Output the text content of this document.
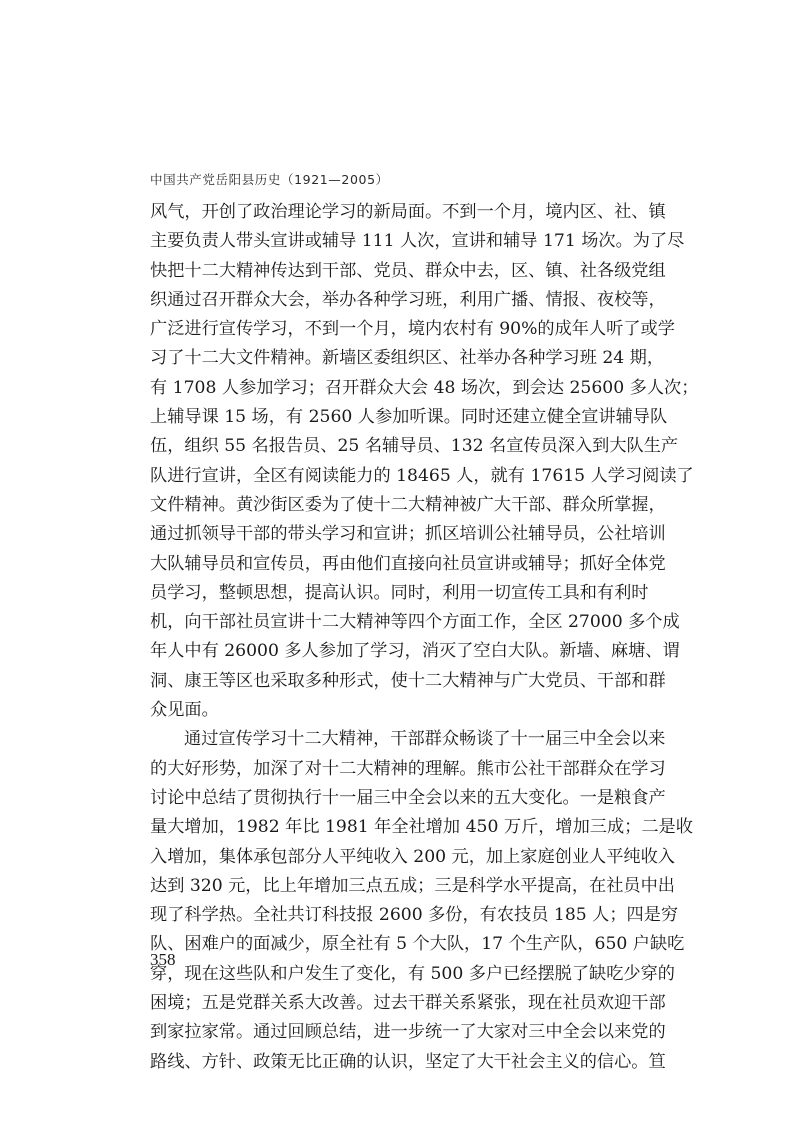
中国共产党岳阳县历史（1921—2005）
风气，开创了政治理论学习的新局面。不到一个月，境内区、社、镇
主要负责人带头宣讲或辅导 111 人次，宣讲和辅导 171 场次。为了尽
快把十二大精神传达到干部、党员、群众中去，区、镇、社各级党组
织通过召开群众大会，举办各种学习班，利用广播、情报、夜校等，
广泛进行宣传学习，不到一个月，境内农村有 90%的成年人听了或学
习了十二大文件精神。新墙区委组织区、社举办各种学习班 24 期，
有 1708 人参加学习；召开群众大会 48 场次，到会达 25600 多人次；
上辅导课 15 场，有 2560 人参加听课。同时还建立健全宣讲辅导队
伍，组织 55 名报告员、25 名辅导员、132 名宣传员深入到大队生产
队进行宣讲，全区有阅读能力的 18465 人，就有 17615 人学习阅读了
文件精神。黄沙街区委为了使十二大精神被广大干部、群众所掌握，
通过抓领导干部的带头学习和宣讲；抓区培训公社辅导员，公社培训
大队辅导员和宣传员，再由他们直接向社员宣讲或辅导；抓好全体党
员学习，整顿思想，提高认识。同时，利用一切宣传工具和有利时
机，向干部社员宣讲十二大精神等四个方面工作，全区 27000 多个成
年人中有 26000 多人参加了学习，消灭了空白大队。新墙、麻塘、谓
洞、康王等区也采取多种形式，使十二大精神与广大党员、干部和群
众见面。
通过宣传学习十二大精神，干部群众畅谈了十一届三中全会以来
的大好形势，加深了对十二大精神的理解。熊市公社干部群众在学习
讨论中总结了贯彻执行十一届三中全会以来的五大变化。一是粮食产
量大增加，1982 年比 1981 年全社增加 450 万斤，增加三成；二是收
入增加，集体承包部分人平纯收入 200 元，加上家庭创业人平纯收入
达到 320 元，比上年增加三点五成；三是科学水平提高，在社员中出
现了科学热。全社共订科技报 2600 多份，有农技员 185 人；四是穷
队、困难户的面减少，原全社有 5 个大队，17 个生产队，650 户缺吃
穿，现在这些队和户发生了变化，有 500 多户已经摆脱了缺吃少穿的
困境；五是党群关系大改善。过去干群关系紧张，现在社员欢迎干部
到家拉家常。通过回顾总结，进一步统一了大家对三中全会以来党的
路线、方针、政策无比正确的认识，坚定了大干社会主义的信心。笪
358
